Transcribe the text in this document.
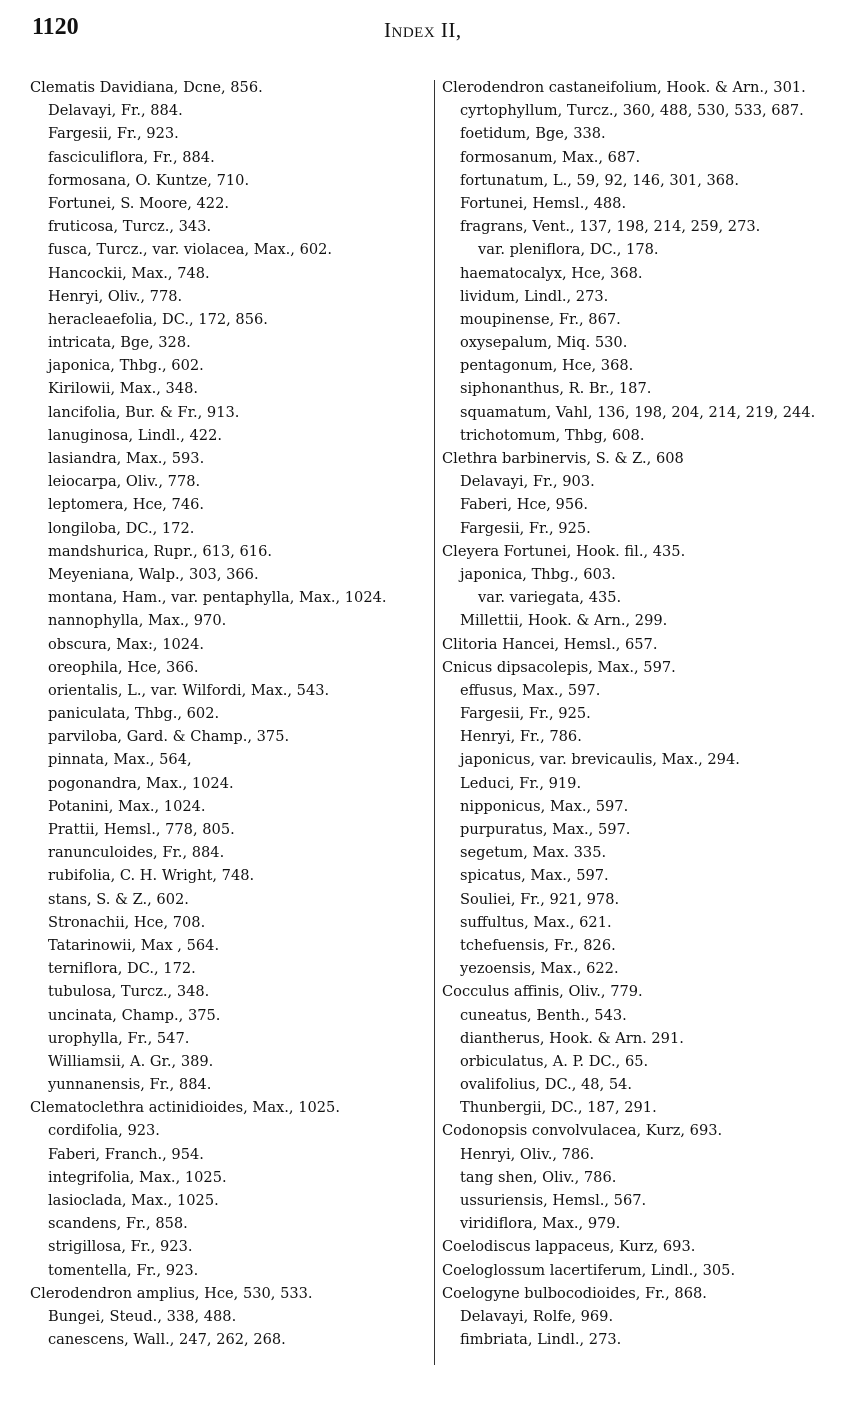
1120	Index II,
Clematis Davidiana, Dcne, 856.
Delavayi, Fr., 884.
Fargesii, Fr., 923.
fasciculiflora, Fr., 884.
formosana, O. Kuntze, 710.
Fortunei, S. Moore, 422.
fruticosa, Turcz., 343.
fusca, Turcz., var. violacea, Max., 602.
Hancockii, Max., 748.
Henryi, Oliv., 778.
heracleaefolia, DC., 172, 856.
intricata, Bge, 328.
japonica, Thbg., 602.
Kirilowii, Max., 348.
lancifolia, Bur. & Fr., 913.
lanuginosa, Lindl., 422.
lasiandra, Max., 593.
leiocarpa, Oliv., 778.
leptomera, Hce, 746.
longiloba, DC., 172.
mandshurica, Rupr., 613, 616.
Meyeniana, Walp., 303, 366.
montana, Ham., var. pentaphylla, Max., 1024.
nannophylla, Max., 970.
obscura, Max:, 1024.
oreophila, Hce, 366.
orientalis, L., var. Wilfordi, Max., 543.
paniculata, Thbg., 602.
parviloba, Gard. & Champ., 375.
pinnata, Max., 564,
pogonandra, Max., 1024.
Potanini, Max., 1024.
Prattii, Hemsl., 778, 805.
ranunculoides, Fr., 884.
rubifolia, C. H. Wright, 748.
stans, S. & Z., 602.
Stronachii, Hce, 708.
Tatarinowii, Max , 564.
terniflora, DC., 172.
tubulosa, Turcz., 348.
uncinata, Champ., 375.
urophylla, Fr., 547.
Williamsii, A. Gr., 389.
yunnanensis, Fr., 884.
Clematoclethra actinidioides, Max., 1025.
cordifolia, 923.
Faberi, Franch., 954.
integrifolia, Max., 1025.
lasioclada, Max., 1025.
scandens, Fr., 858.
strigillosa, Fr., 923.
tomentella, Fr., 923.
Clerodendron amplius, Hce, 530, 533.
Bungei, Steud., 338, 488.
canescens, Wall., 247, 262, 268.
Clerodendron castaneifolium, Hook. & Arn., 301.
cyrtophyllum, Turcz., 360, 488, 530, 533, 687.
foetidum, Bge, 338.
formosanum, Max., 687.
fortunatum, L., 59, 92, 146, 301, 368.
Fortunei, Hemsl., 488.
fragrans, Vent., 137, 198, 214, 259, 273.
var. pleniflora, DC., 178.
haematocalyx, Hce, 368.
lividum, Lindl., 273.
moupinense, Fr., 867.
oxysepalum, Miq. 530.
pentagonum, Hce, 368.
siphonanthus, R. Br., 187.
squamatum, Vahl, 136, 198, 204, 214, 219, 244.
trichotomum, Thbg, 608.
Clethra barbinervis, S. & Z., 608
Delavayi, Fr., 903.
Faberi, Hce, 956.
Fargesii, Fr., 925.
Cleyera Fortunei, Hook. fil., 435.
japonica, Thbg., 603.
var. variegata, 435.
Millettii, Hook. & Arn., 299.
Clitoria Hancei, Hemsl., 657.
Cnicus dipsacolepis, Max., 597.
effusus, Max., 597.
Fargesii, Fr., 925.
Henryi, Fr., 786.
japonicus, var. brevicaulis, Max., 294.
Leduci, Fr., 919.
nipponicus, Max., 597.
purpuratus, Max., 597.
segetum, Max. 335.
spicatus, Max., 597.
Souliei, Fr., 921, 978.
suffultus, Max., 621.
tchefuensis, Fr., 826.
yezoensis, Max., 622.
Cocculus affinis, Oliv., 779.
cuneatus, Benth., 543.
diantherus, Hook. & Arn. 291.
orbiculatus, A. P. DC., 65.
ovalifolius, DC., 48, 54.
Thunbergii, DC., 187, 291.
Codonopsis convolvulacea, Kurz, 693.
Henryi, Oliv., 786.
tang shen, Oliv., 786.
ussuriensis, Hemsl., 567.
viridiflora, Max., 979.
Coelodiscus lappaceus, Kurz, 693.
Coeloglossum lacertiferum, Lindl., 305.
Coelogyne bulbocodioides, Fr., 868.
Delavayi, Rolfe, 969.
fimbriata, Lindl., 273.
